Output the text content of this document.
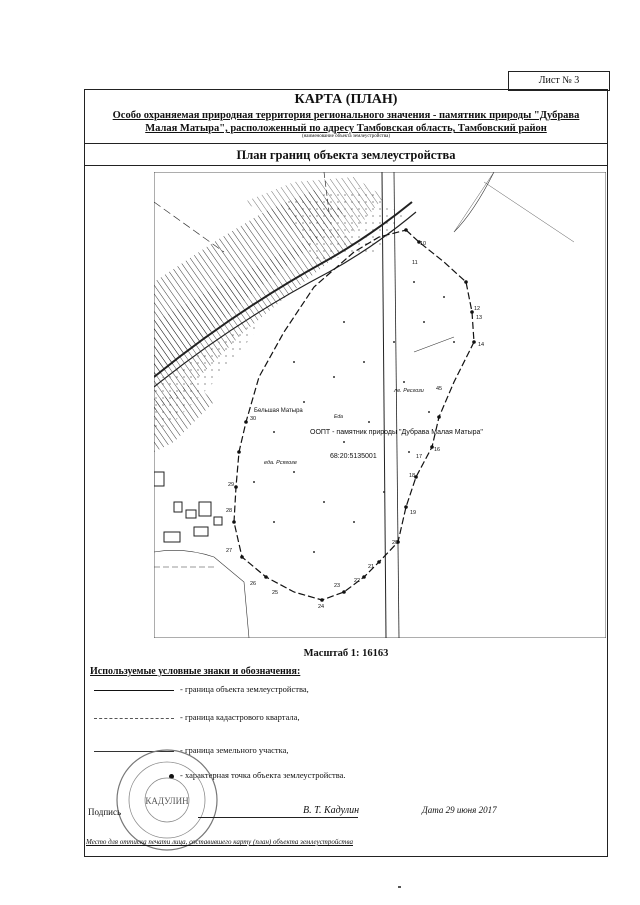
Лист № 3
КАРТА (ПЛАН)
Особо охраняемая природная территория регионального значения - памятник природы "Дубрава
Малая Матыра", расположенный по адресу Тамбовская область, Тамбовский район
(наименование объекта землеустройства)
План границ объекта землеустройства
10
11
12
13
14
16
17
18
19
20
21
22
23
24
25
26
27
28
29
30
Бельшая Матыра
ООПТ - памятник природы "Дубрава Малая Матыра"
68:20:5135001
ле. Ресгози 45
еда. Рсягоге
Еda
Масштаб 1: 16163
Используемые условные знаки и обозначения:
- граница объекта землеустройства,
- граница кадастрового квартала,
- граница земельного участка,
- характерная точка объекта землеустройства.
КАДУЛИН
Подпись	В. Т. Кадулин	Дата 29 июня 2017
Место для оттиска печати лица, составившего карту (план) объекта землеустройства
